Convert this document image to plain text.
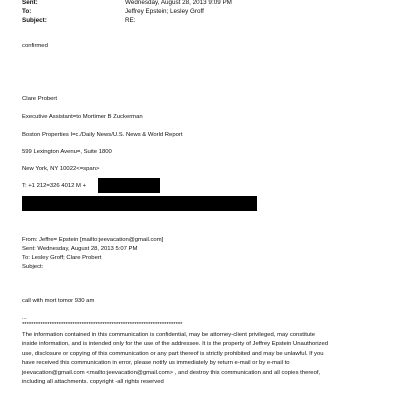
Sent:	Wednesday, August 28, 2013 9:09 PM
To:	Jeffrey Epstein; Lesley Groff
Subject:	RE:
confirmed
Clare Probert
Executive Assistant=to Mortimer B Zuckerman
Boston Properties I=c./Daily News/U.S. News & World Report
599 Lexington Avenu=, Suite 1800
New York, NY 10022<=span>
T: +1 212=326 4012 M +
From: Jeffre= Epstein [mailto:jeevacation@gmail.com]
Sent: Wednesday, August 28, 2013 5:07 PM
To: Lesley Groff; Clare Probert
Subject:
call with mort tomor 930 am
...
**********************************************************************
The information contained in this communication is confidential, may be attorney-client privileged, may constitute
inside information, and is intended only for the use of the addressee. It is the property of Jeffrey Epstein Unauthorized
use, disclosure or copying of this communication or any part thereof is strictly prohibited and may be unlawful. If you
have received this communication in error, please notify us immediately by return e-mail or by e-mail to
jeevacation@gmail.com <mailto:jeevacation@gmail.com> , and destroy this communication and all copies thereof,
including all attachments. copyright -all rights reserved
